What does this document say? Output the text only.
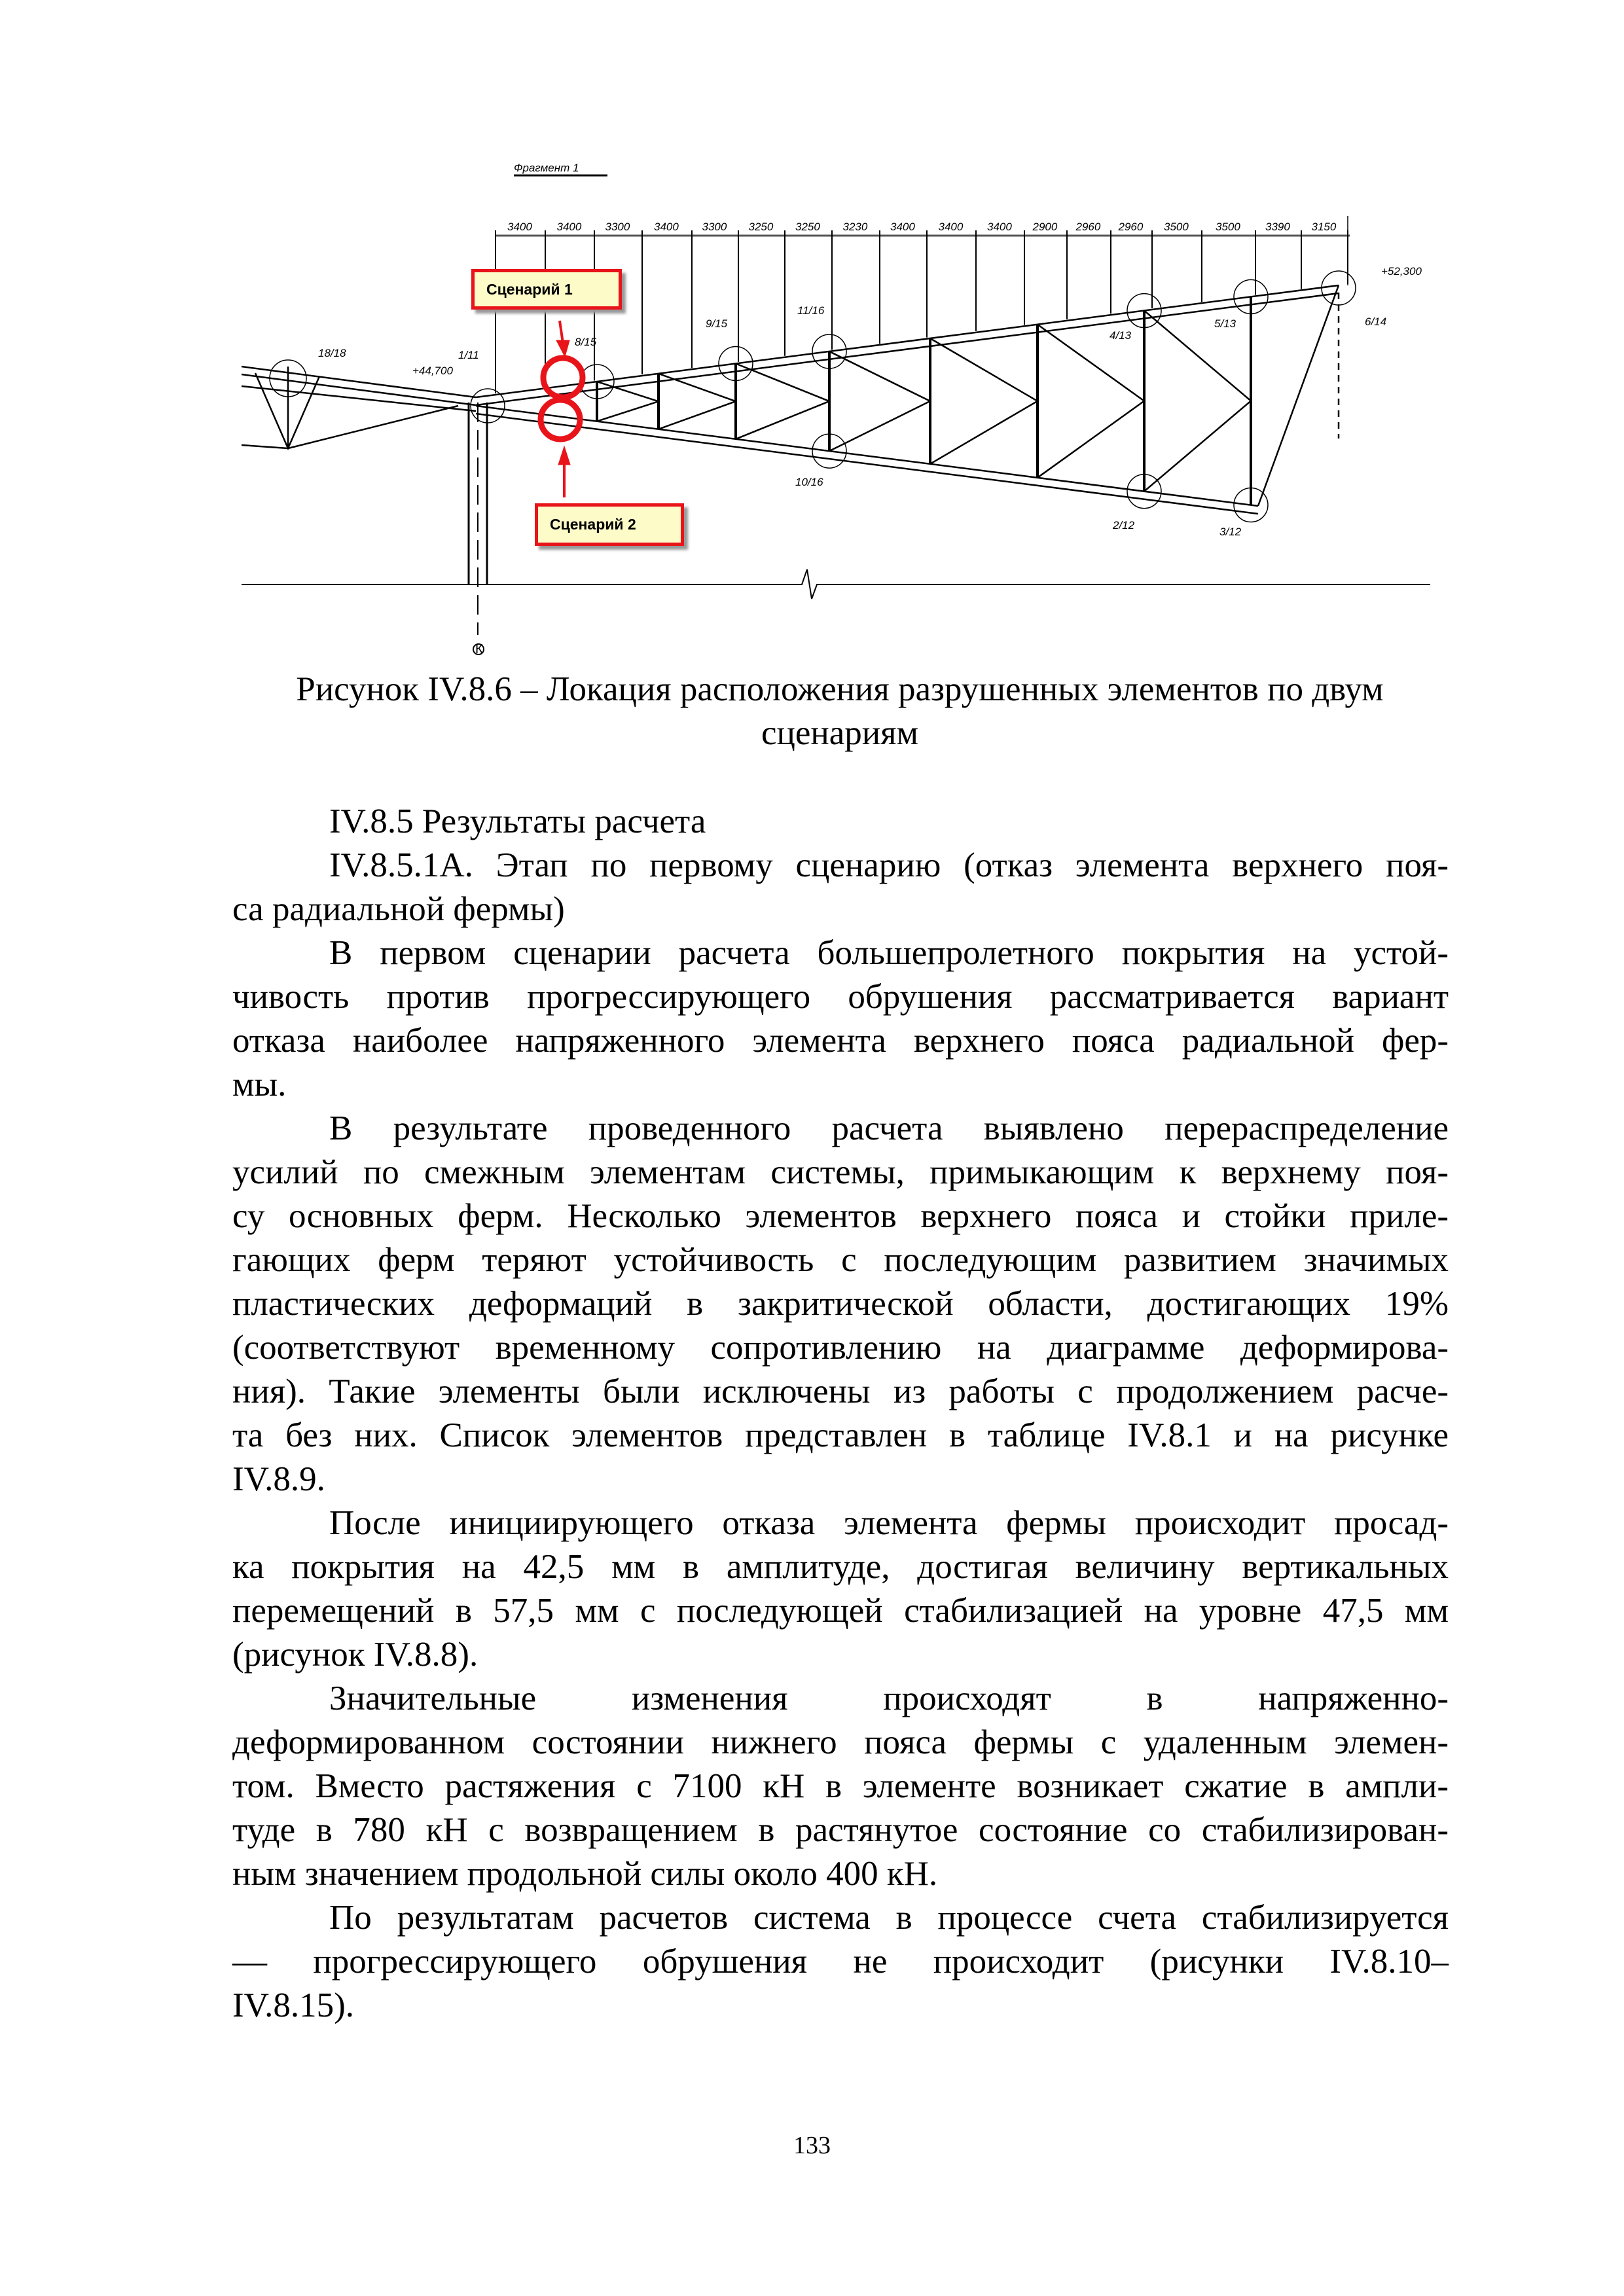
Фрагмент 1
3400 3400 3300 3400 3300 3250 3250 3230 3400 3400 3400 2900 2960 2960 3500 3500 3390 3150
К
18/18	1/11
+44,700
8/15
9/15
11/16
10/16
4/13
5/13	6/14
+52,300
2/12
3/12
Сценарий 1
Сценарий 2
Рисунок IV.8.6 – Локация расположения разрушенных элементов по двум
сценариям
IV.8.5 Результаты расчета
IV.8.5.1А. Этап по первому сценарию (отказ элемента верхнего поя-
са радиальной фермы)
В первом сценарии расчета большепролетного покрытия на устой-
чивость против прогрессирующего обрушения рассматривается вариант
отказа наиболее напряженного элемента верхнего пояса радиальной фер-
мы.
В результате проведенного расчета выявлено перераспределение
усилий по смежным элементам системы, примыкающим к верхнему поя-
су основных ферм. Несколько элементов верхнего пояса и стойки приле-
гающих ферм теряют устойчивость с последующим развитием значимых
пластических деформаций в закритической области, достигающих 19%
(соответствуют временному сопротивлению на диаграмме деформирова-
ния). Такие элементы были исключены из работы с продолжением расче-
та без них. Список элементов представлен в таблице IV.8.1 и на рисунке
IV.8.9.
После инициирующего отказа элемента фермы происходит просад-
ка покрытия на 42,5 мм в амплитуде, достигая величину вертикальных
перемещений в 57,5 мм с последующей стабилизацией на уровне 47,5 мм
(рисунок IV.8.8).
Значительные изменения происходят в напряженно-
деформированном состоянии нижнего пояса фермы с удаленным элемен-
том. Вместо растяжения с 7100 кН в элементе возникает сжатие в ампли-
туде в 780 кН с возвращением в растянутое состояние со стабилизирован-
ным значением продольной силы около 400 кН.
По результатам расчетов система в процессе счета стабилизируется
— прогрессирующего обрушения не происходит (рисунки IV.8.10–
IV.8.15).
133
